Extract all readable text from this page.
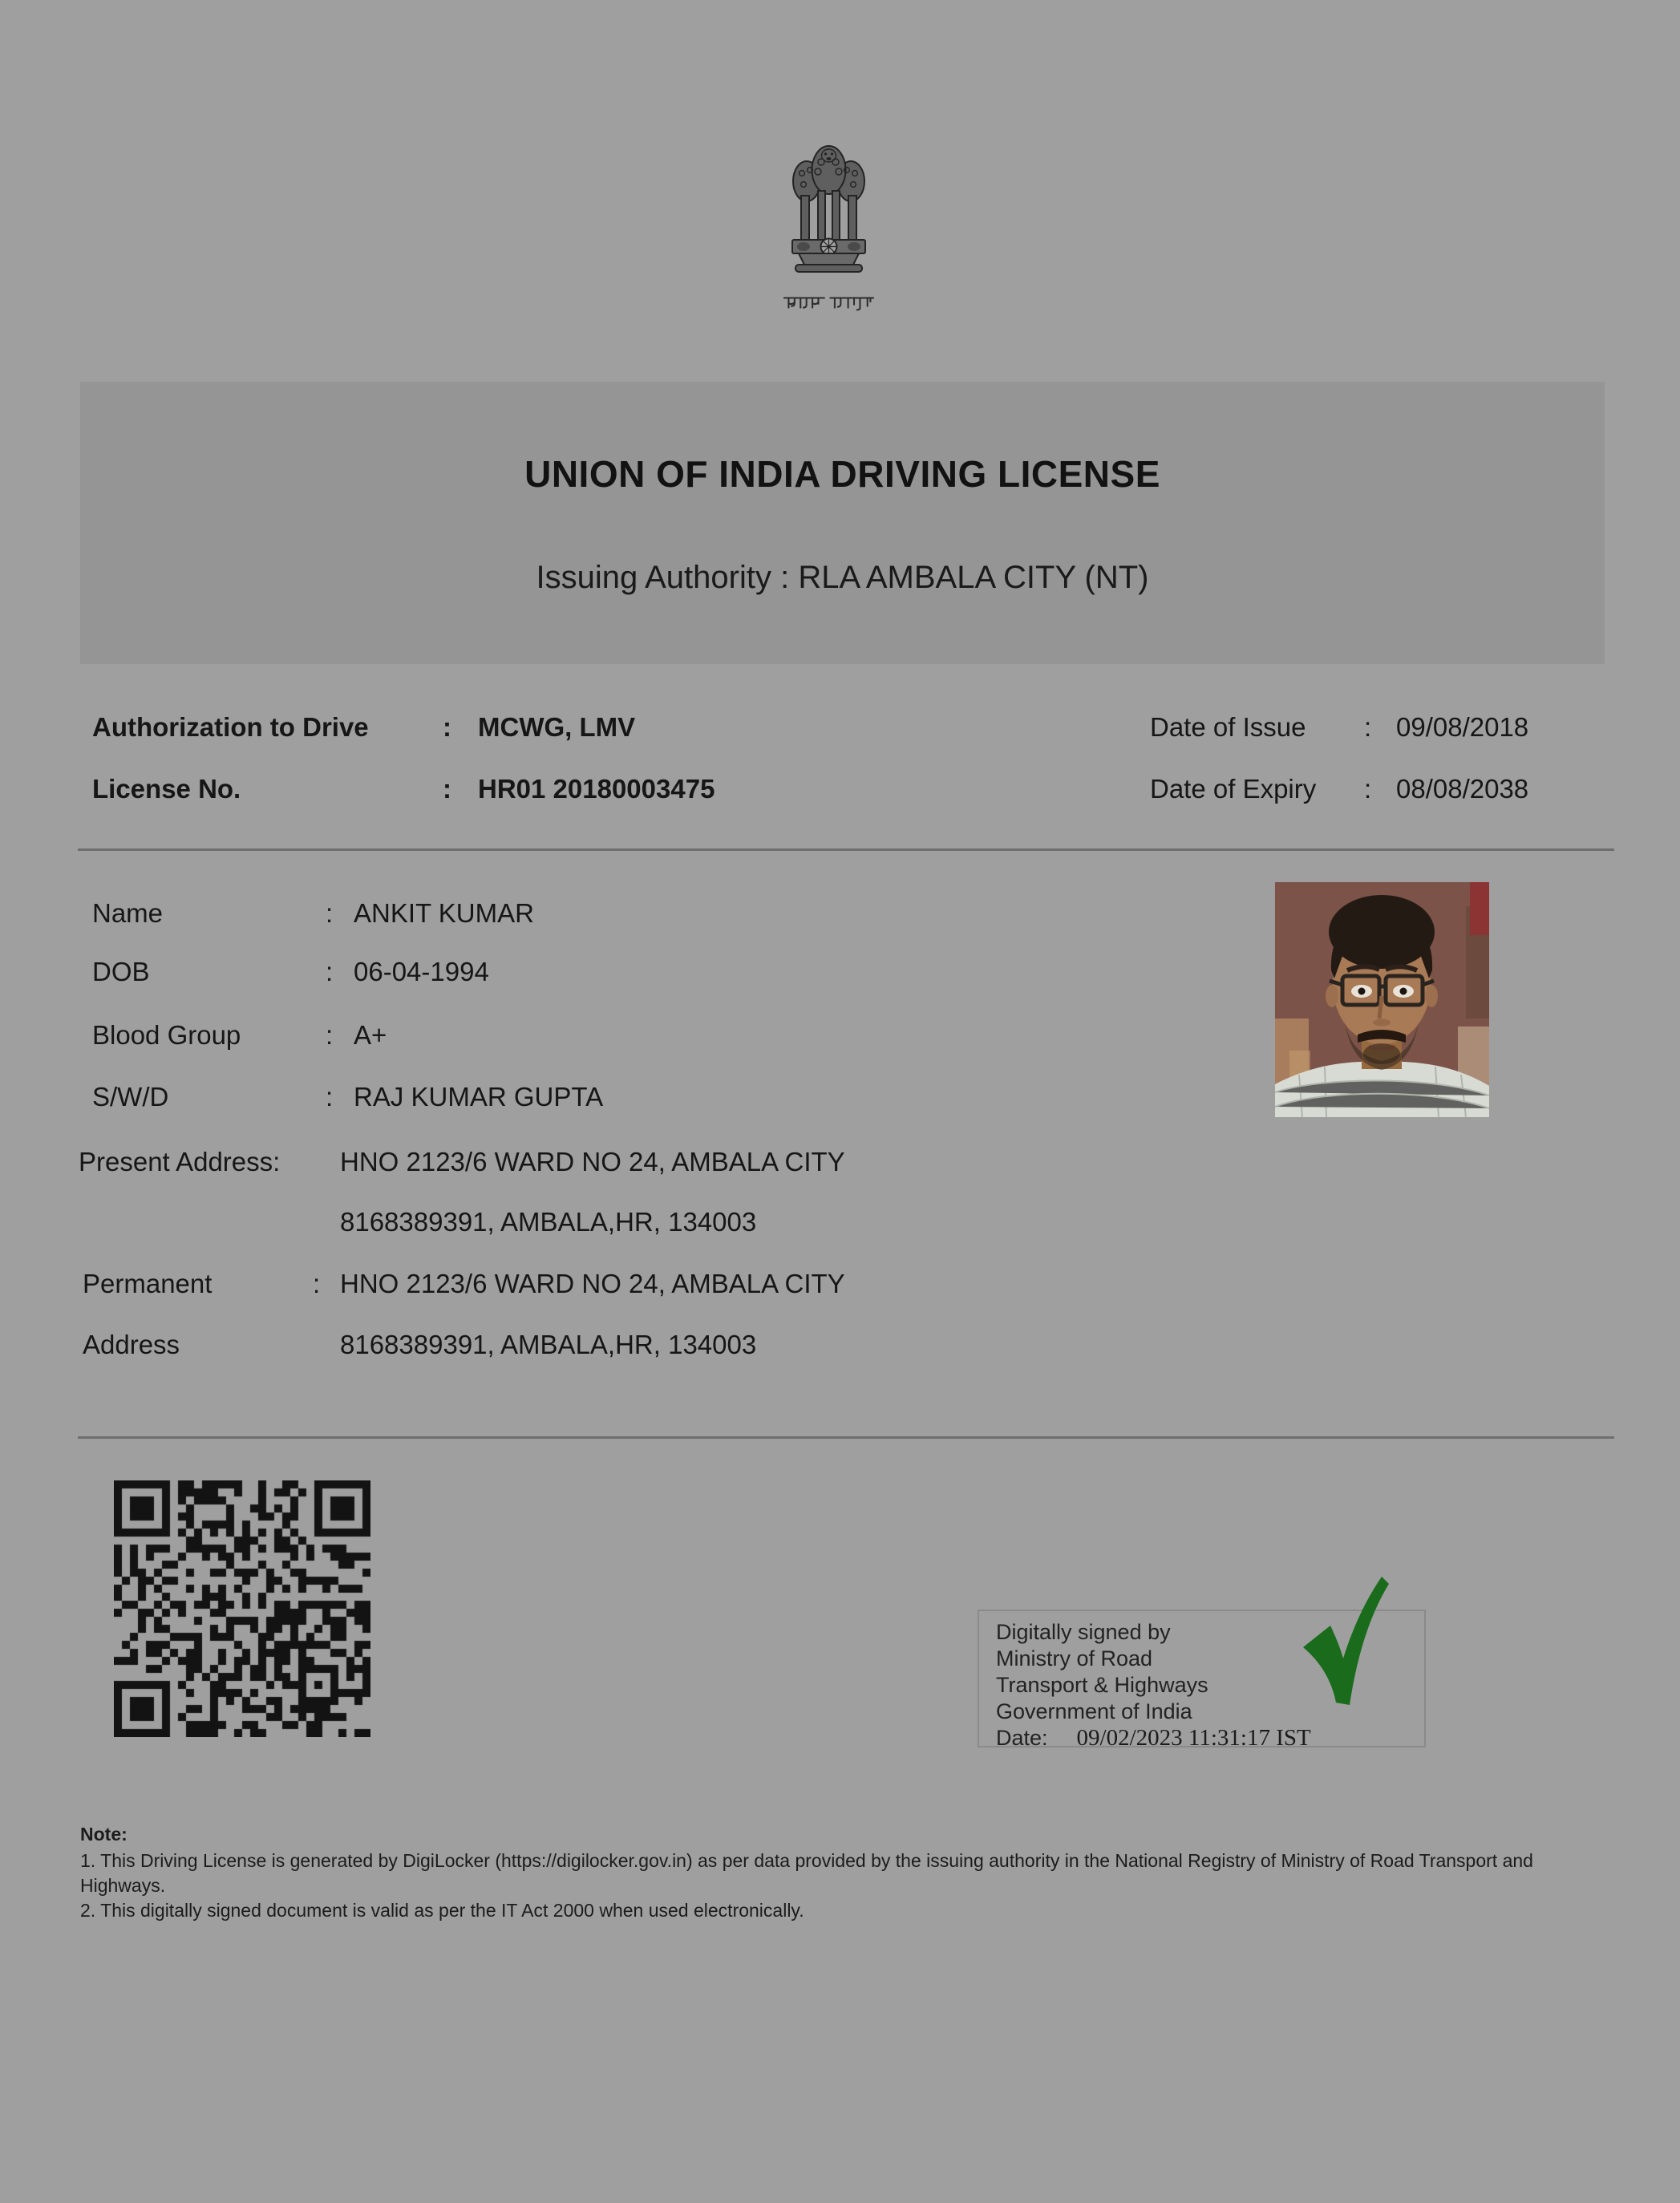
UNION OF INDIA DRIVING LICENSE
Issuing Authority : RLA AMBALA CITY (NT)
Authorization to Drive	: MCWG, LMV
License No.	: HR01 20180003475
Date of Issue : 09/08/2018
Date of Expiry : 08/08/2038
Name	: ANKIT KUMAR
DOB	: 06-04-1994
Blood Group	: A+
S/W/D	: RAJ KUMAR GUPTA
Present Address: HNO 2123/6 WARD NO 24, AMBALA CITY
8168389391, AMBALA,HR, 134003
Permanent	: HNO 2123/6 WARD NO 24, AMBALA CITY
Address	8168389391, AMBALA,HR, 134003
Digitally signed by
Ministry of Road
Transport & Highways
Government of India
Date: 09/02/2023 11:31:17 IST
Note:
1. This Driving License is generated by DigiLocker (https://digilocker.gov.in) as per data provided by the issuing authority in the National Registry of Ministry of Road Transport and Highways.
2. This digitally signed document is valid as per the IT Act 2000 when used electronically.
